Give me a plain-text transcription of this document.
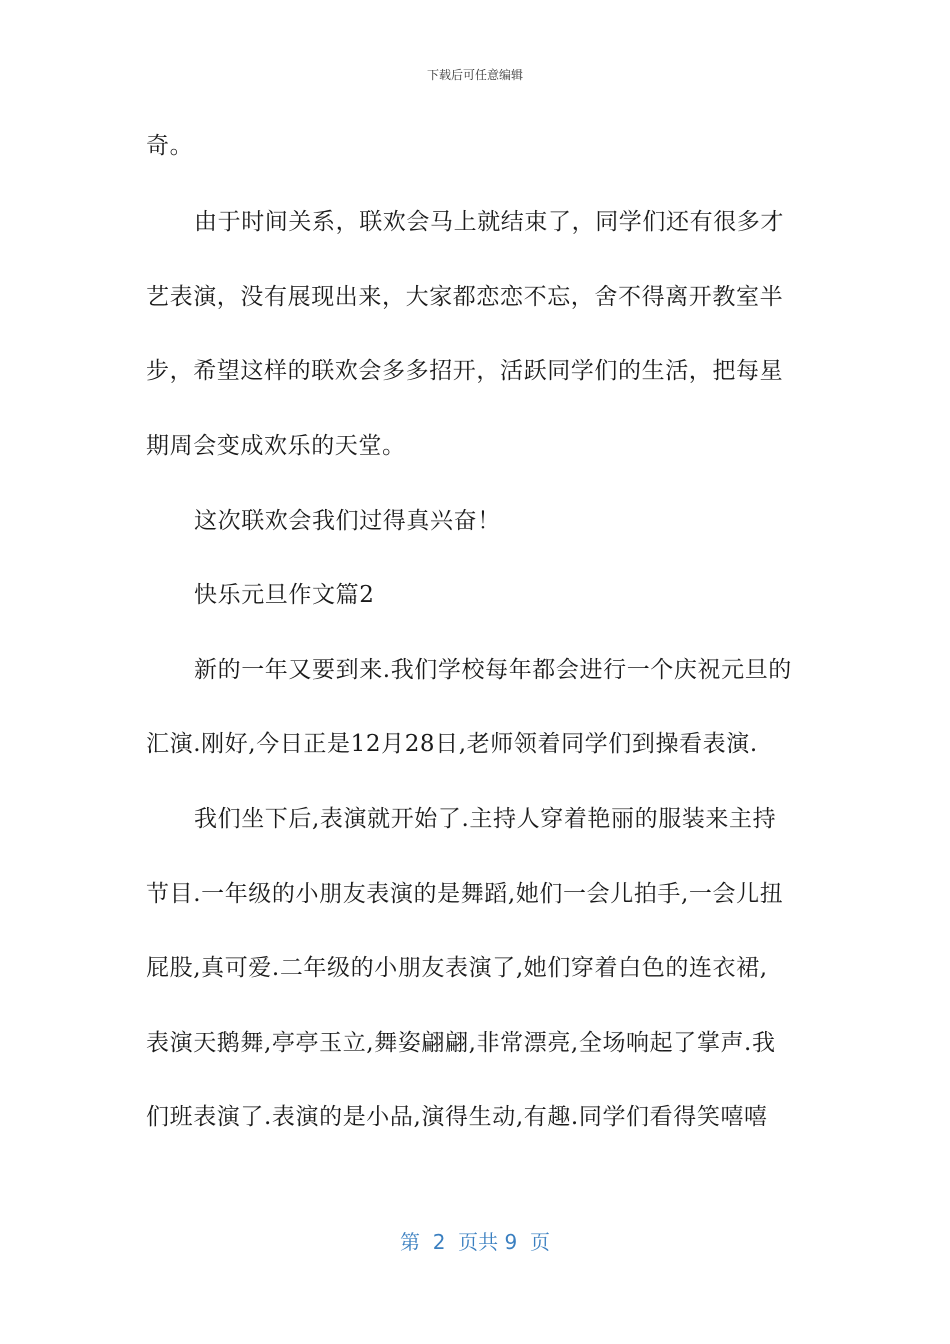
下载后可任意编辑
奇。
由于时间关系，联欢会马上就结束了，同学们还有很多才
艺表演，没有展现出来，大家都恋恋不忘，舍不得离开教室半
步，希望这样的联欢会多多招开，活跃同学们的生活，把每星
期周会变成欢乐的天堂。
这次联欢会我们过得真兴奋！
快乐元旦作文篇2
新的一年又要到来.我们学校每年都会进行一个庆祝元旦的
汇演.刚好,今日正是12月28日,老师领着同学们到操看表演.
我们坐下后,表演就开始了.主持人穿着艳丽的服装来主持
节目.一年级的小朋友表演的是舞蹈,她们一会儿拍手,一会儿扭
屁股,真可爱.二年级的小朋友表演了,她们穿着白色的连衣裙,
表演天鹅舞,亭亭玉立,舞姿翩翩,非常漂亮,全场响起了掌声.我
们班表演了.表演的是小品,演得生动,有趣.同学们看得笑嘻嘻
第  2  页共 9  页
